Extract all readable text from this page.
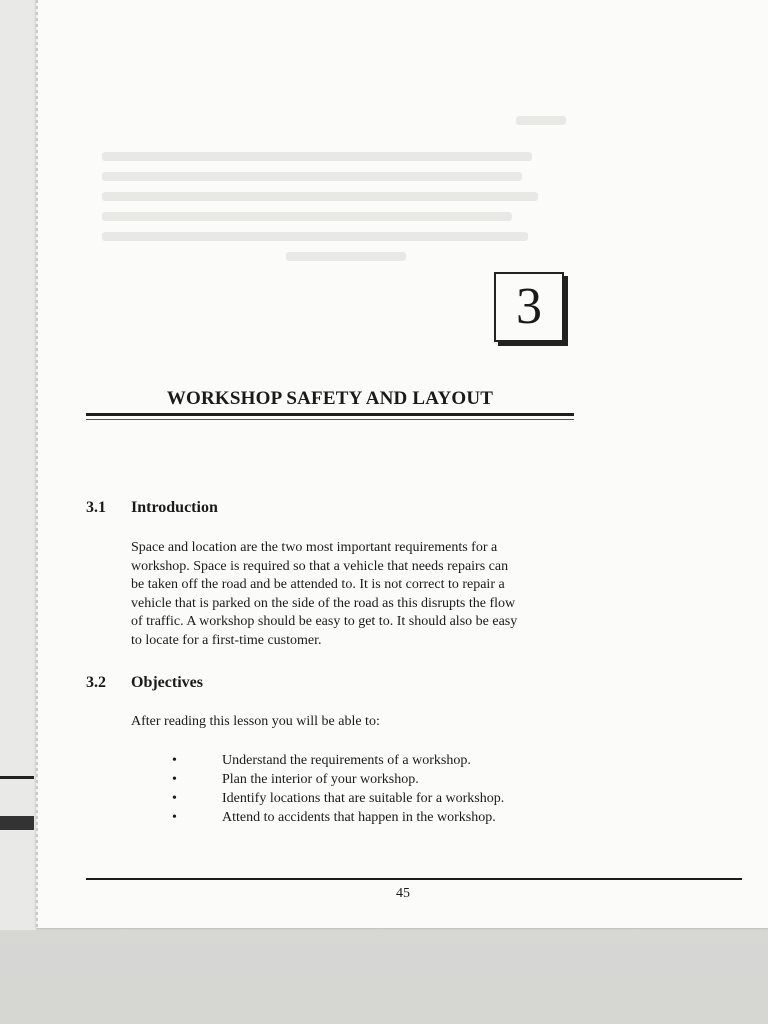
3
WORKSHOP SAFETY AND LAYOUT
3.1	Introduction
Space and location are the two most important requirements for a
workshop. Space is required so that a vehicle that needs repairs can
be taken off the road and be attended to. It is not correct to repair a
vehicle that is parked on the side of the road as this disrupts the flow
of traffic. A workshop should be easy to get to. It should also be easy
to locate for a first-time customer.
3.2	Objectives
After reading this lesson you will be able to:
•	Understand the requirements of a workshop.
•	Plan the interior of your workshop.
•	Identify locations that are suitable for a workshop.
•	Attend to accidents that happen in the workshop.
45
